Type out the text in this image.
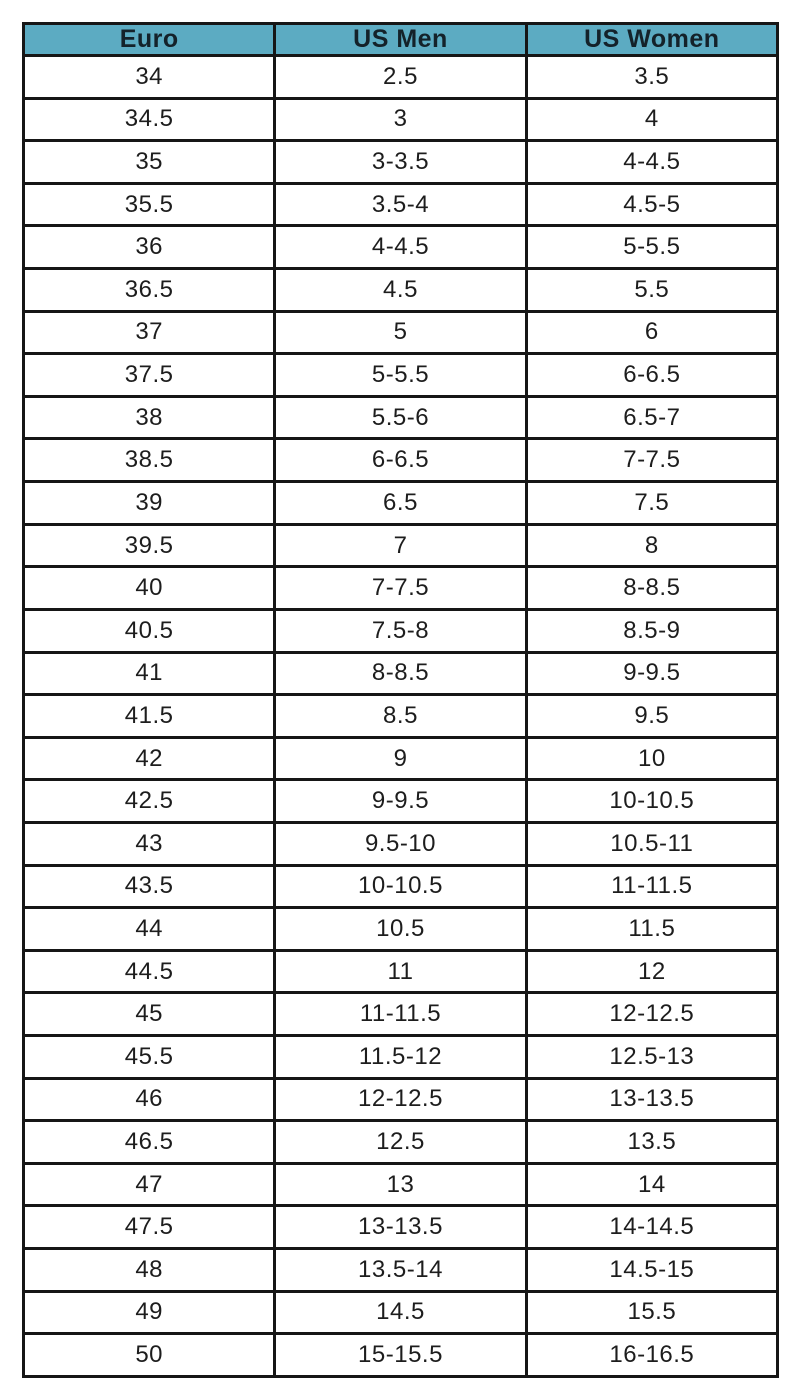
Euro	US Men	US Women
34	2.5	3.5
34.5	3	4
35	3-3.5	4-4.5
35.5	3.5-4	4.5-5
36	4-4.5	5-5.5
36.5	4.5	5.5
37	5	6
37.5	5-5.5	6-6.5
38	5.5-6	6.5-7
38.5	6-6.5	7-7.5
39	6.5	7.5
39.5	7	8
40	7-7.5	8-8.5
40.5	7.5-8	8.5-9
41	8-8.5	9-9.5
41.5	8.5	9.5
42	9	10
42.5	9-9.5	10-10.5
43	9.5-10	10.5-11
43.5	10-10.5	11-11.5
44	10.5	11.5
44.5	11	12
45	11-11.5	12-12.5
45.5	11.5-12	12.5-13
46	12-12.5	13-13.5
46.5	12.5	13.5
47	13	14
47.5	13-13.5	14-14.5
48	13.5-14	14.5-15
49	14.5	15.5
50	15-15.5	16-16.5
